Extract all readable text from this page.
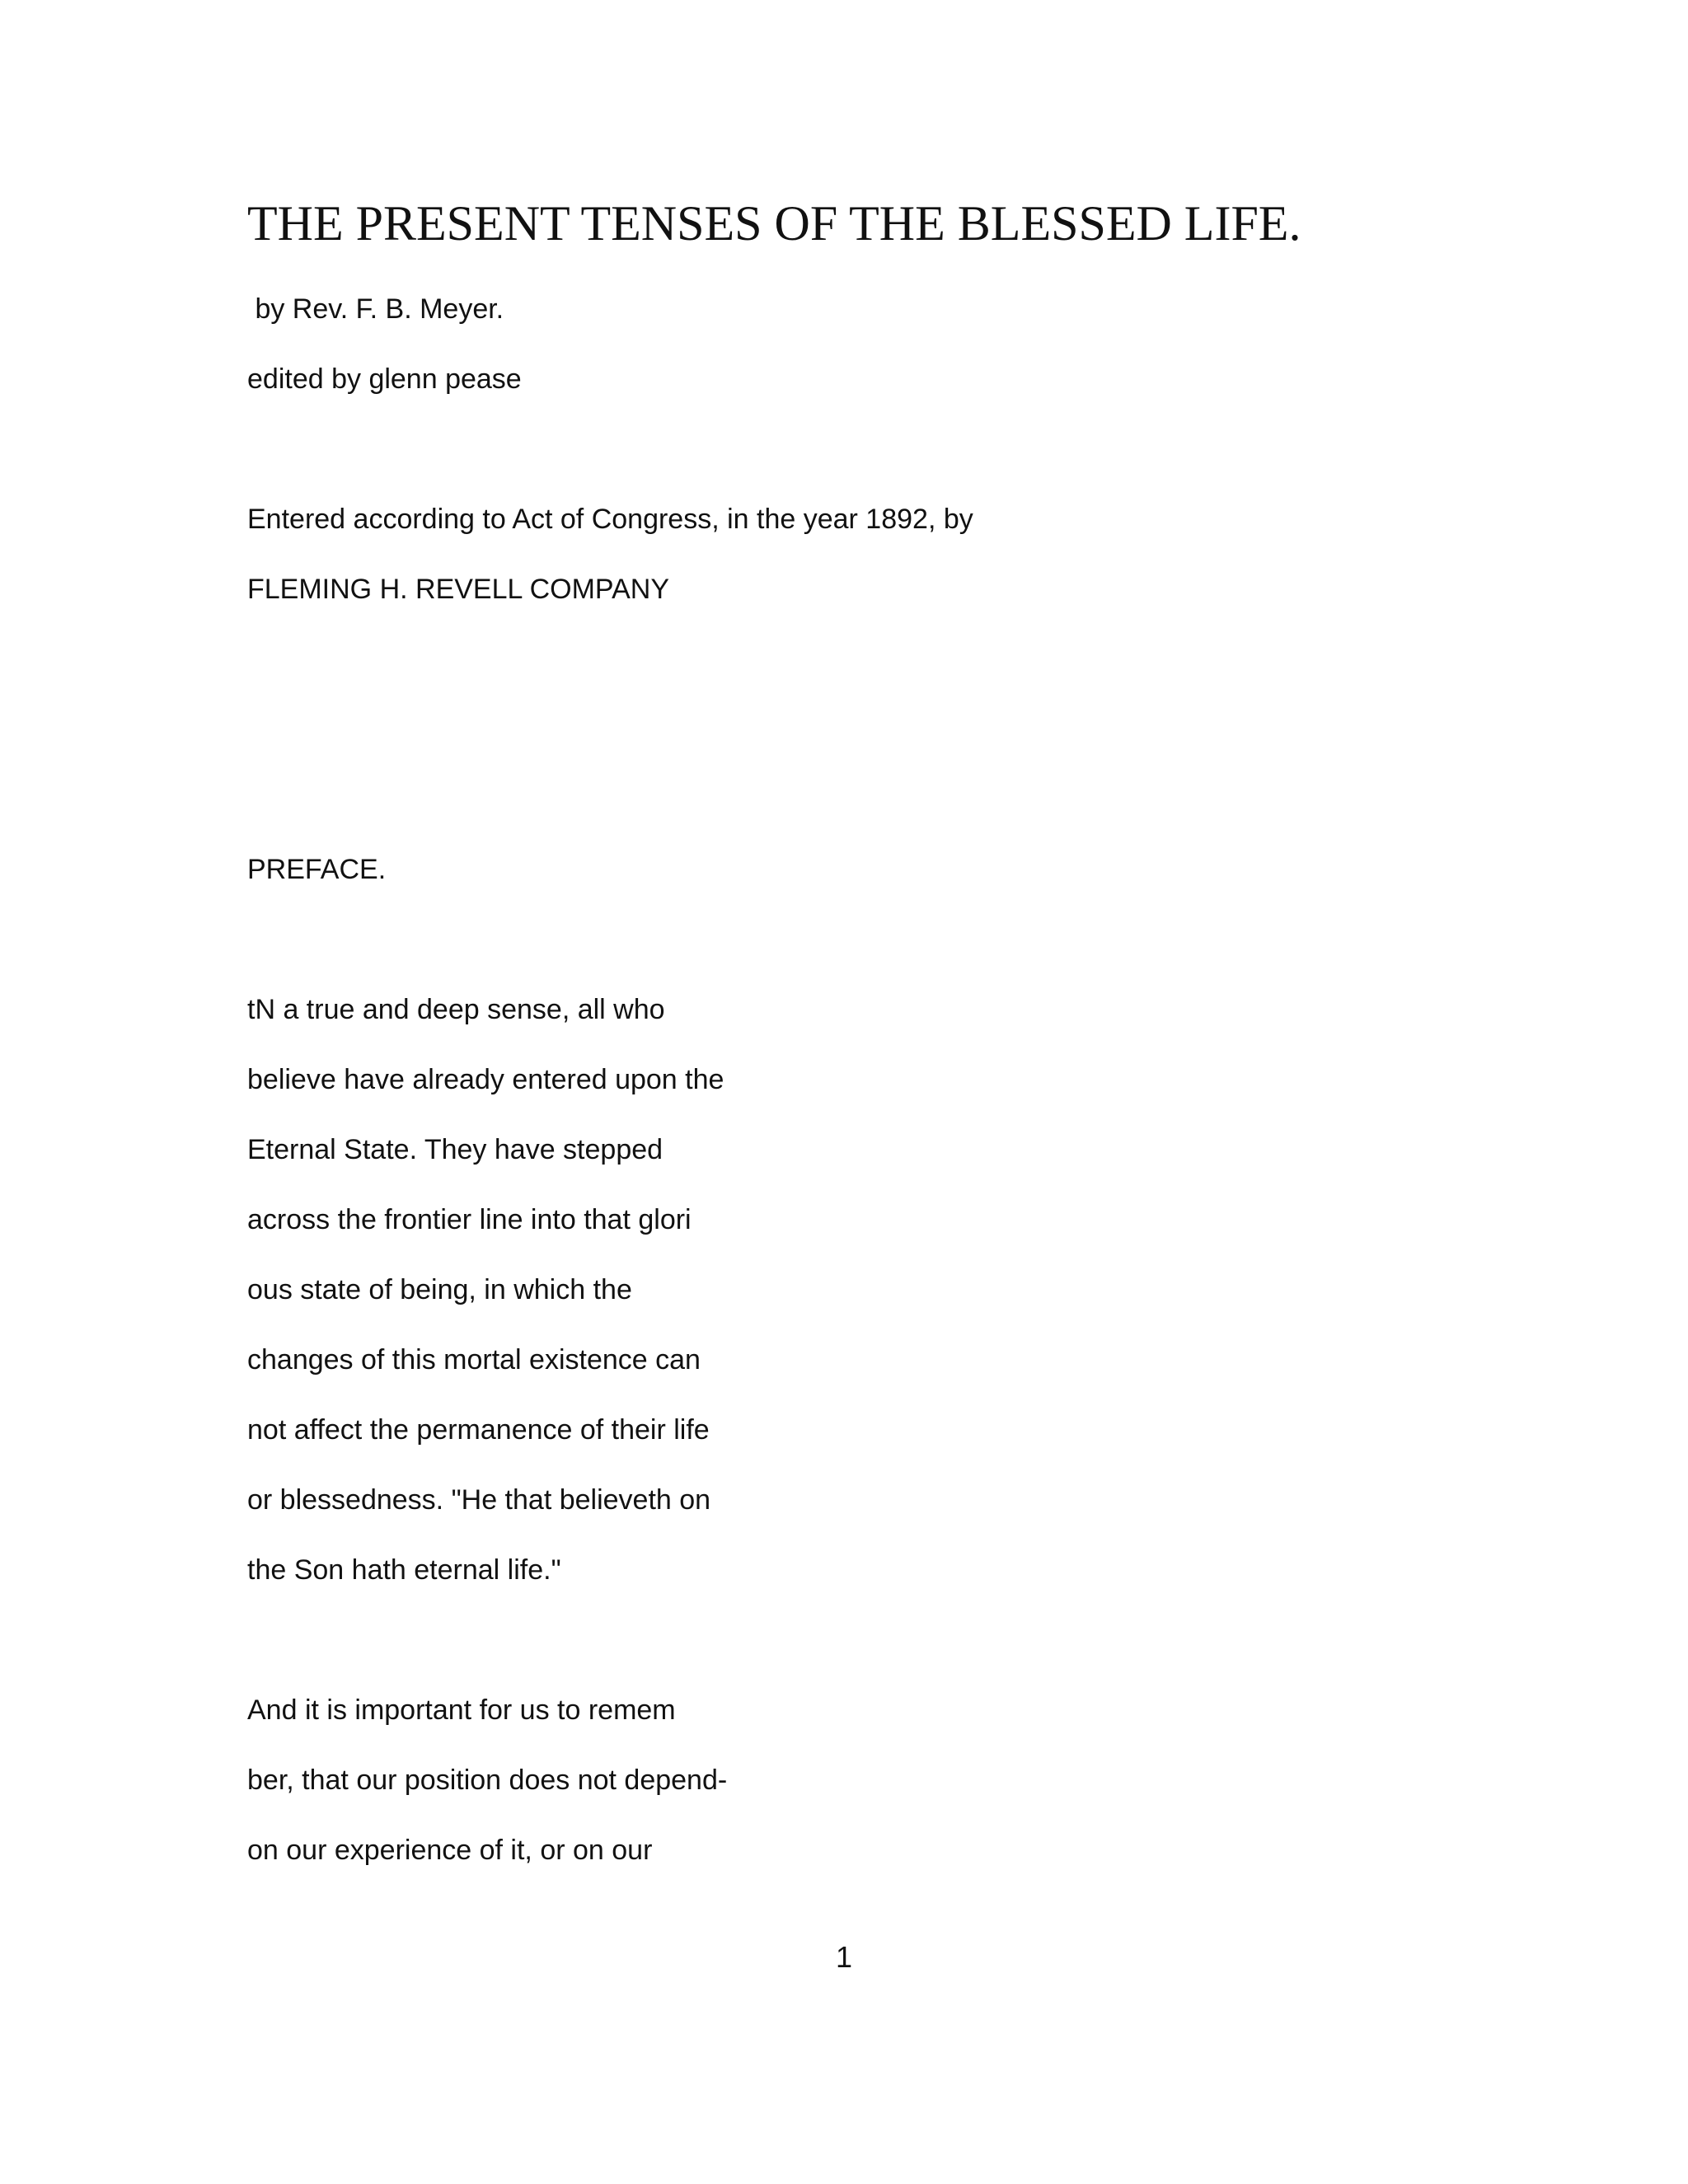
THE PRESENT TENSES OF THE BLESSED LIFE.

by Rev. F. B. Meyer.

edited by glenn pease

Entered according to Act of Congress, in the year 1892, by

FLEMING H. REVELL COMPANY

PREFACE.

tN a true and deep sense, all who

believe have already entered upon the

Eternal State. They have stepped

across the frontier line into that glori

ous state of being, in which the

changes of this mortal existence can

not affect the permanence of their life

or blessedness. "He that believeth on

the Son hath eternal life."

And it is important for us to remem

ber, that our position does not depend-

on our experience of it, or on our

1
